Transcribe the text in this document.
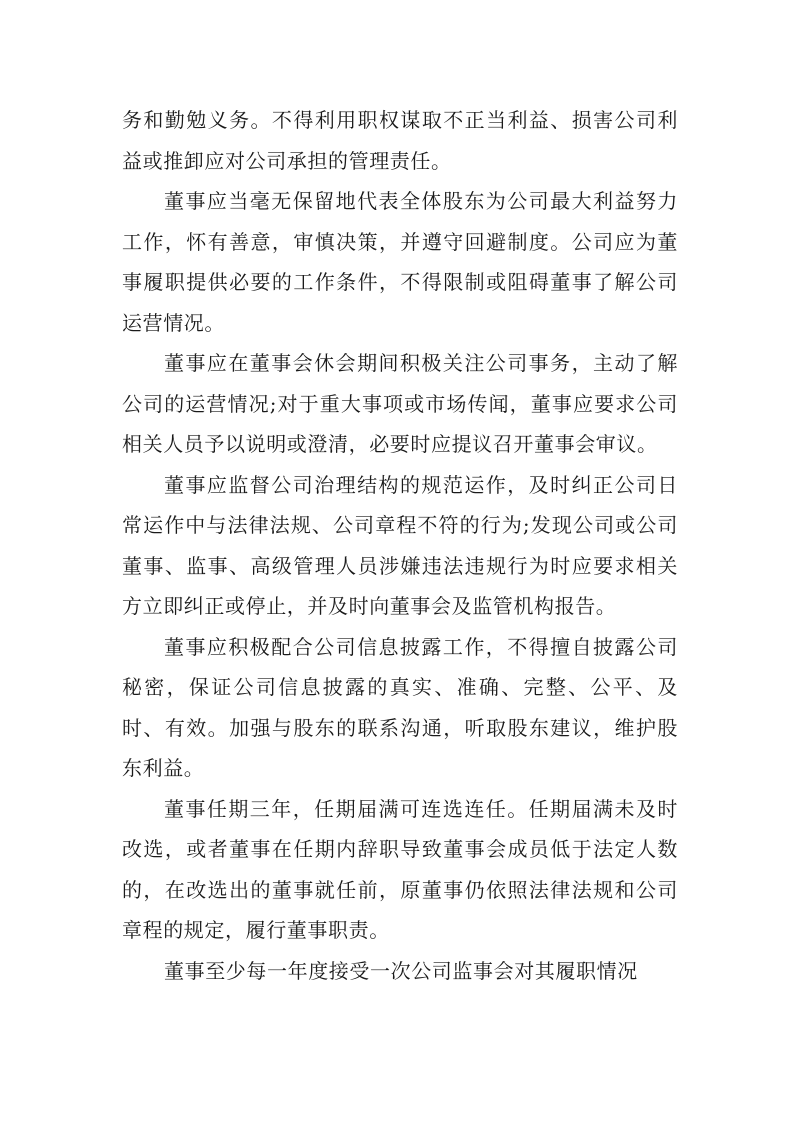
务和勤勉义务。不得利用职权谋取不正当利益、损害公司利益或推卸应对公司承担的管理责任。

董事应当毫无保留地代表全体股东为公司最大利益努力工作，怀有善意，审慎决策，并遵守回避制度。公司应为董事履职提供必要的工作条件，不得限制或阻碍董事了解公司运营情况。

董事应在董事会休会期间积极关注公司事务，主动了解公司的运营情况;对于重大事项或市场传闻，董事应要求公司相关人员予以说明或澄清，必要时应提议召开董事会审议。

董事应监督公司治理结构的规范运作，及时纠正公司日常运作中与法律法规、公司章程不符的行为;发现公司或公司董事、监事、高级管理人员涉嫌违法违规行为时应要求相关方立即纠正或停止，并及时向董事会及监管机构报告。

董事应积极配合公司信息披露工作，不得擅自披露公司秘密，保证公司信息披露的真实、准确、完整、公平、及时、有效。加强与股东的联系沟通，听取股东建议，维护股东利益。

董事任期三年，任期届满可连选连任。任期届满未及时改选，或者董事在任期内辞职导致董事会成员低于法定人数的，在改选出的董事就任前，原董事仍依照法律法规和公司章程的规定，履行董事职责。

董事至少每一年度接受一次公司监事会对其履职情况
